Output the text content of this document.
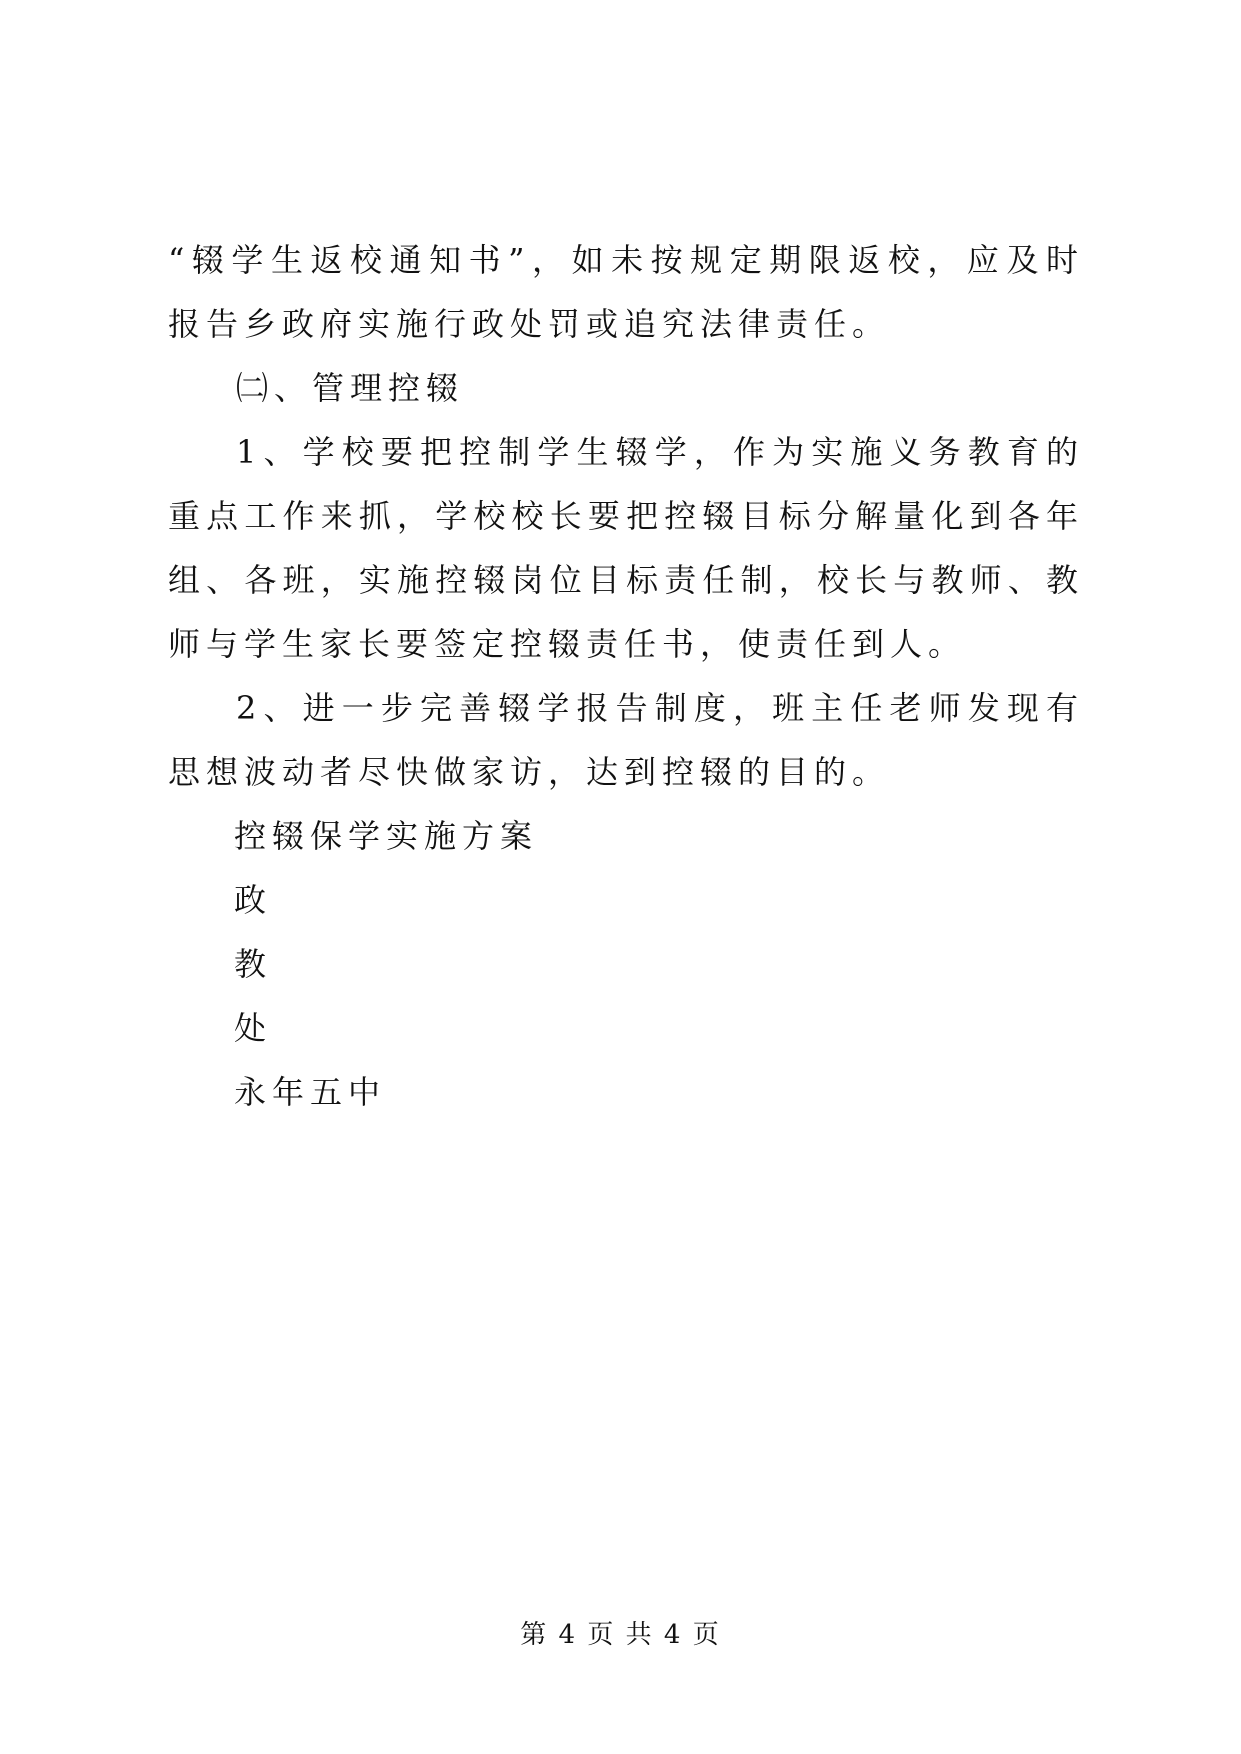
“辍学生返校通知书”，如未按规定期限返校，应及时报告乡政府实施行政处罚或追究法律责任。

㈡、管理控辍

1、学校要把控制学生辍学，作为实施义务教育的重点工作来抓，学校校长要把控辍目标分解量化到各年组、各班，实施控辍岗位目标责任制，校长与教师、教师与学生家长要签定控辍责任书，使责任到人。

2、进一步完善辍学报告制度，班主任老师发现有思想波动者尽快做家访，达到控辍的目的。

控辍保学实施方案

政

教

处

永年五中

第 4 页 共 4 页
